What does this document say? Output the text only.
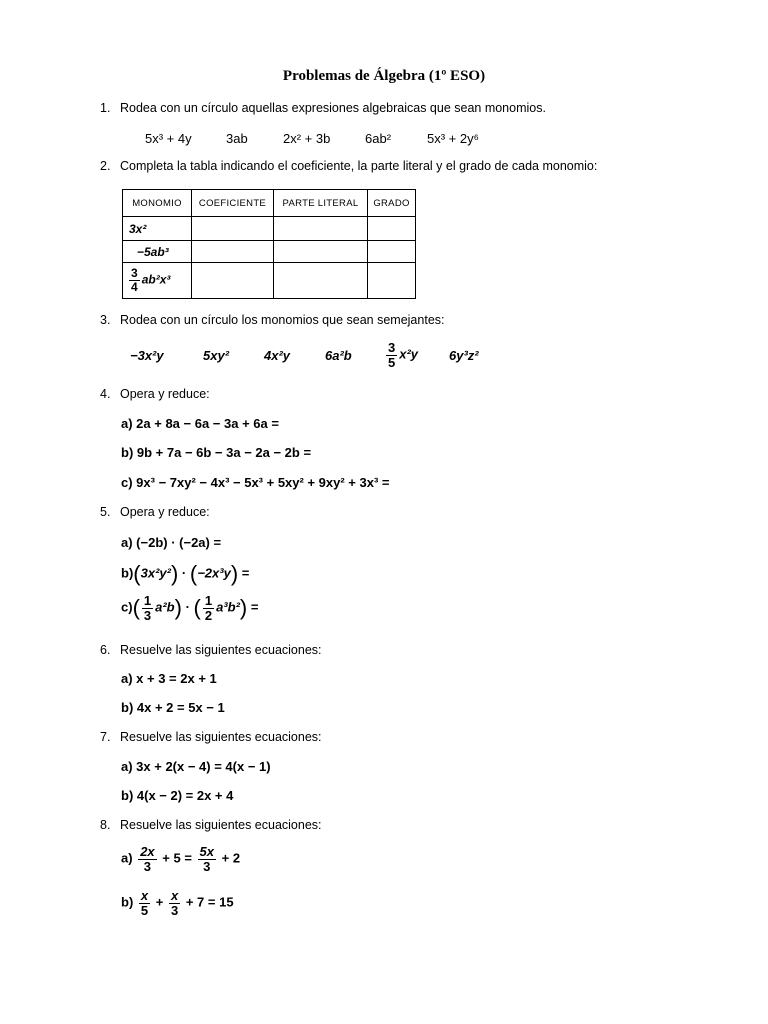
Problemas de Álgebra (1º ESO)
1. Rodea con un círculo aquellas expresiones algebraicas que sean monomios.
5x³ + 4y	3ab	2x² + 3b	6ab²	5x³ + 2y⁶
2. Completa la tabla indicando el coeficiente, la parte literal y el grado de cada monomio:
MONOMIO	COEFICIENTE	PARTE LITERAL	GRADO
3x²			
−5ab³			

$\frac{3}{4} ab^2x^3$			
3. Rodea con un círculo los monomios que sean semejantes:
−3x²y	5xy²	4x²y	6a²b	$\frac{3}{5} x^2y$ 6y³z²
4. Opera y reduce:
a) 2a + 8a − 6a − 3a + 6a =
b) 9b + 7a − 6b − 3a − 2a − 2b =
c) 9x³ − 7xy² − 4x³ − 5x³ + 5xy² + 9xy² + 3x³ =
5. Opera y reduce:
a) (−2b) · (−2a) =
b)(3x²y²) · (−2x³y) =
$c)( \frac{1}{3} a^2b)$ · ( $\frac{1}{2} a^3b^2$) =
6. Resuelve las siguientes ecuaciones:
a) x + 3 = 2x + 1
b) 4x + 2 = 5x − 1
7. Resuelve las siguientes ecuaciones:
a) 3x + 2(x − 4) = 4(x − 1)
b) 4(x − 2) = 2x + 4
8. Resuelve las siguientes ecuaciones:
$a) \frac{2x}{3} + 5 = \frac{5x}{3} + 2$
$b) \frac{x}{5} + \frac{x}{3} + 7 = 15$
